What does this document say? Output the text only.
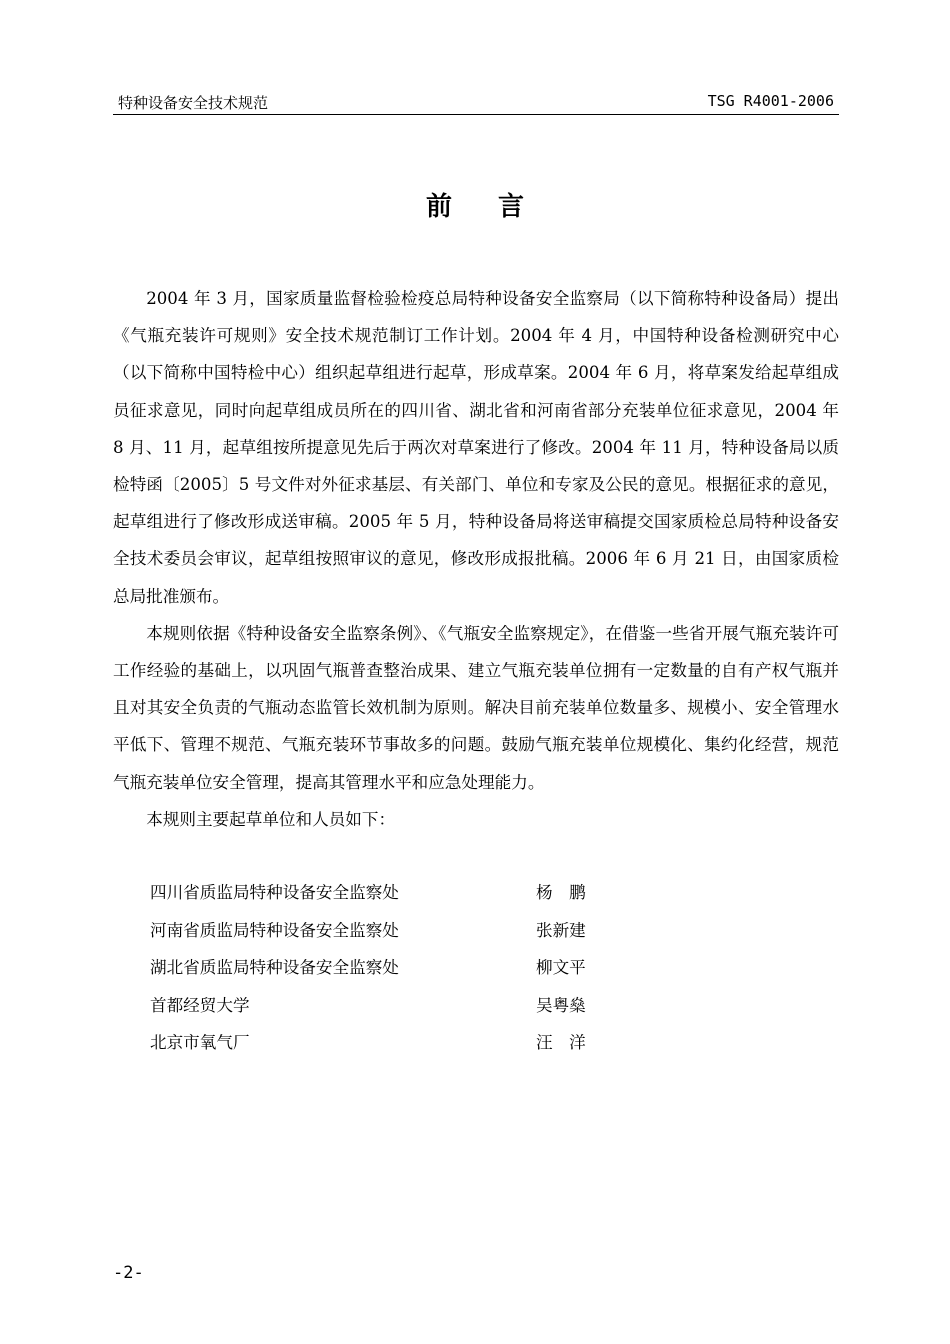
特种设备安全技术规范	TSG R4001-2006
前言

2004 年 3 月，国家质量监督检验检疫总局特种设备安全监察局（以下简称特种设备局）提出《气瓶充装许可规则》安全技术规范制订工作计划。2004 年 4 月，中国特种设备检测研究中心（以下简称中国特检中心）组织起草组进行起草，形成草案。2004 年 6 月，将草案发给起草组成员征求意见，同时向起草组成员所在的四川省、湖北省和河南省部分充装单位征求意见，2004 年 8 月、11 月，起草组按所提意见先后于两次对草案进行了修改。2004 年 11 月，特种设备局以质检特函〔2005〕5 号文件对外征求基层、有关部门、单位和专家及公民的意见。根据征求的意见，起草组进行了修改形成送审稿。2005 年 5 月，特种设备局将送审稿提交国家质检总局特种设备安全技术委员会审议，起草组按照审议的意见，修改形成报批稿。2006 年 6 月 21 日，由国家质检总局批准颁布。

本规则依据《特种设备安全监察条例》、《气瓶安全监察规定》，在借鉴一些省开展气瓶充装许可工作经验的基础上，以巩固气瓶普查整治成果、建立气瓶充装单位拥有一定数量的自有产权气瓶并且对其安全负责的气瓶动态监管长效机制为原则。解决目前充装单位数量多、规模小、安全管理水平低下、管理不规范、气瓶充装环节事故多的问题。鼓励气瓶充装单位规模化、集约化经营，规范气瓶充装单位安全管理，提高其管理水平和应急处理能力。

本规则主要起草单位和人员如下：

四川省质监局特种设备安全监察处	杨　鹏
河南省质监局特种设备安全监察处	张新建
湖北省质监局特种设备安全监察处	柳文平
首都经贸大学	吴粤燊
北京市氧气厂	汪　洋
-2-
